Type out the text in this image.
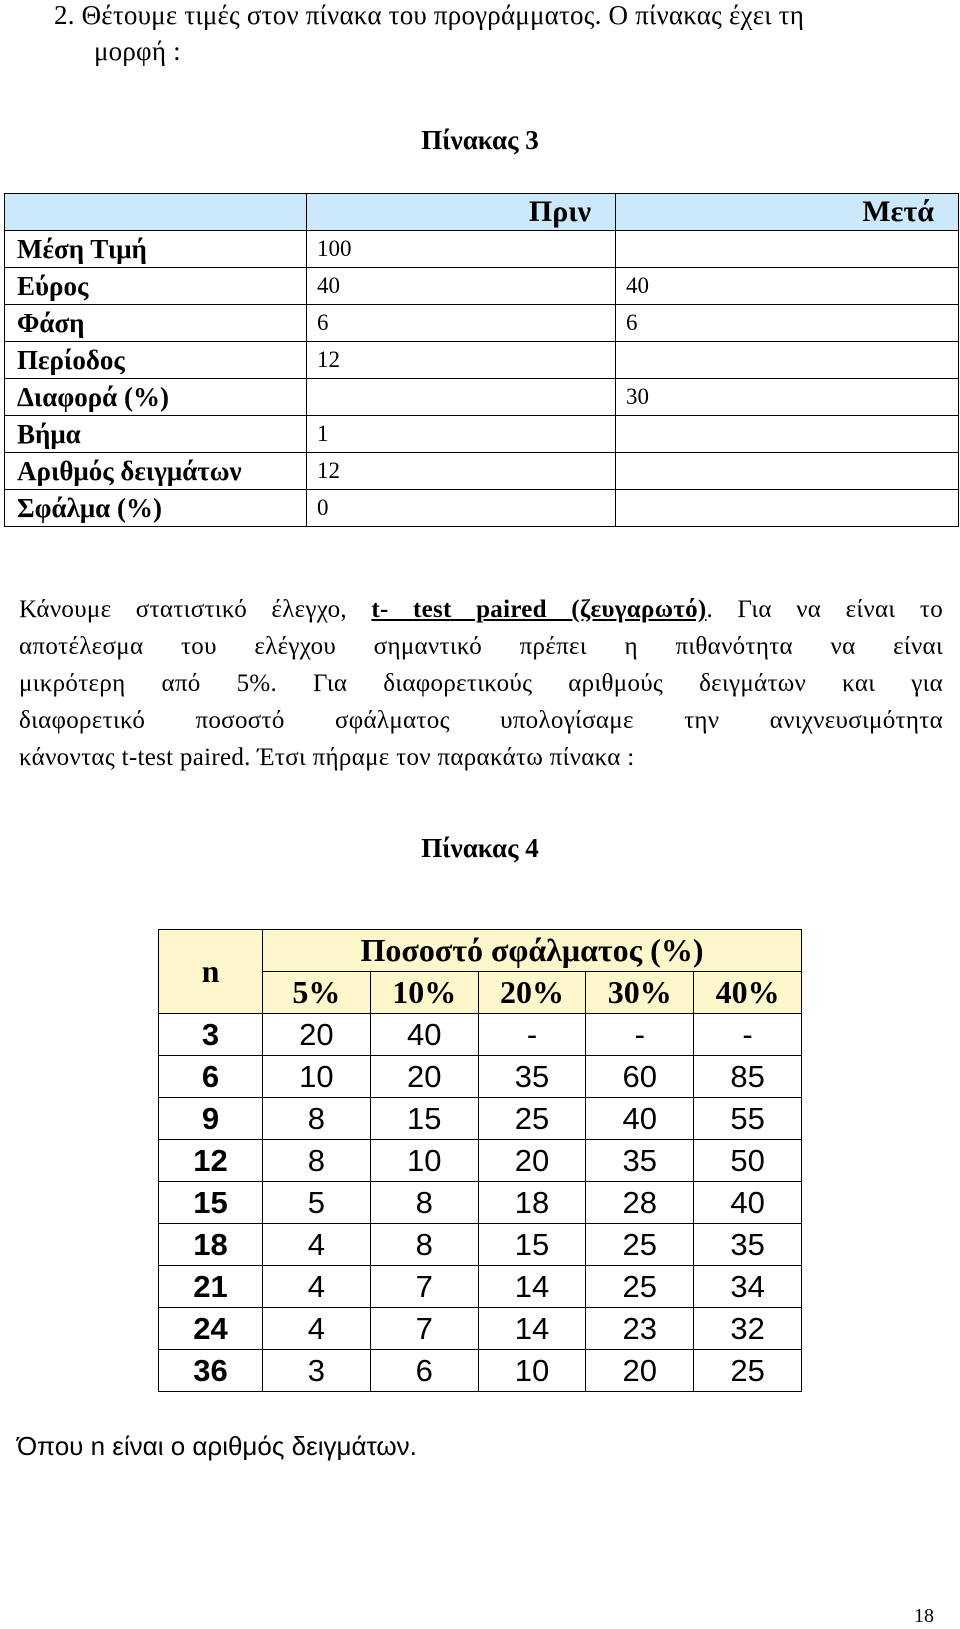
2. Θέτουμε τιμές στον πίνακα του προγράμματος. Ο πίνακας έχει τη
μορφή :
Πίνακας 3
	Πριν	Μετά
Μέση Τιμή	100	
Εύρος	40	40
Φάση	6	6
Περίοδος	12	
Διαφορά (%)		30
Βήμα	1	
Αριθμός δειγμάτων	12	
Σφάλμα (%)	0	
Κάνουμε στατιστικό έλεγχο, t- test paired (ζευγαρωτό). Για να είναι το
αποτέλεσμα του ελέγχου σημαντικό πρέπει η πιθανότητα να είναι
μικρότερη από 5%. Για διαφορετικούς αριθμούς δειγμάτων και για
διαφορετικό ποσοστό σφάλματος υπολογίσαμε την ανιχνευσιμότητα
κάνοντας t-test paired. Έτσι πήραμε τον παρακάτω πίνακα :
Πίνακας 4
n	Ποσοστό σφάλματος (%)				
	5%	10%	20%	30%	40%
3	20	40	-	-	-
6	10	20	35	60	85
9	8	15	25	40	55
12	8	10	20	35	50
15	5	8	18	28	40
18	4	8	15	25	35
21	4	7	14	25	34
24	4	7	14	23	32
36	3	6	10	20	25
Όπου n είναι ο αριθμός δειγμάτων.
18
